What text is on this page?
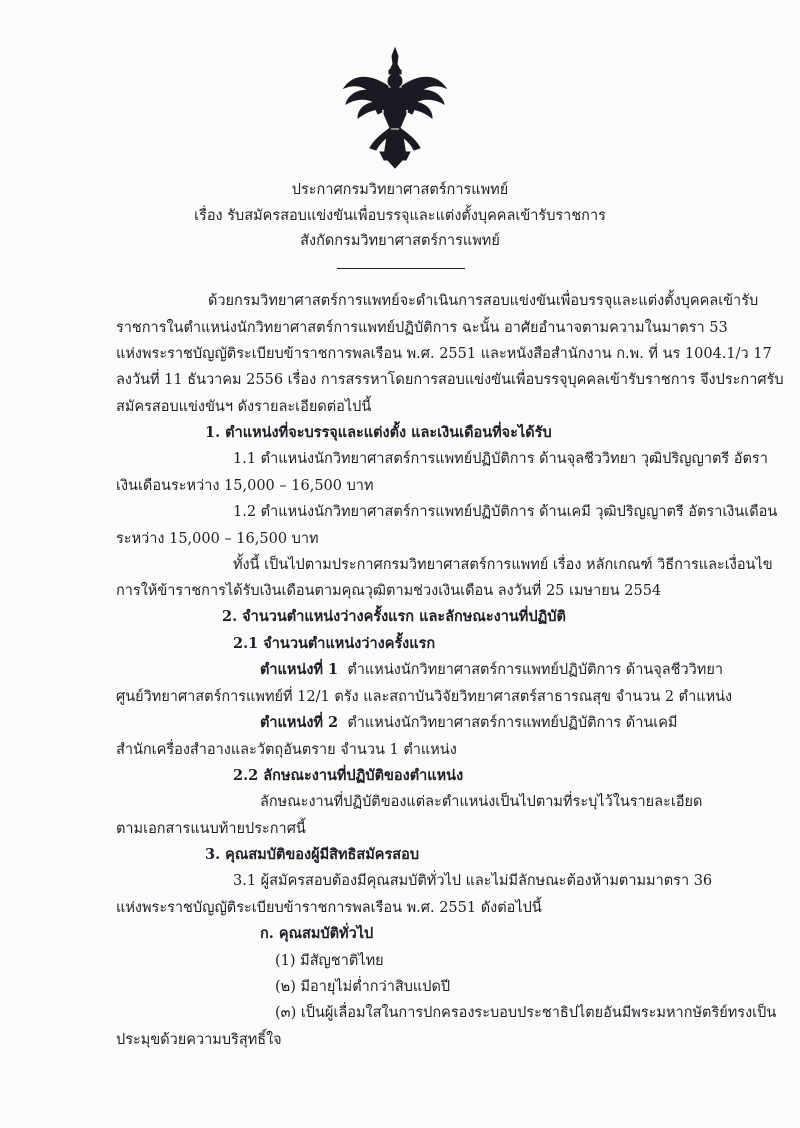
ประกาศกรมวิทยาศาสตร์การแพทย์
เรื่อง รับสมัครสอบแข่งขันเพื่อบรรจุและแต่งตั้งบุคคลเข้ารับราชการ
สังกัดกรมวิทยาศาสตร์การแพทย์
ด้วยกรมวิทยาศาสตร์การแพทย์จะดำเนินการสอบแข่งขันเพื่อบรรจุและแต่งตั้งบุคคลเข้ารับ
ราชการในตำแหน่งนักวิทยาศาสตร์การแพทย์ปฏิบัติการ ฉะนั้น อาศัยอำนาจตามความในมาตรา 53
แห่งพระราชบัญญัติระเบียบข้าราชการพลเรือน พ.ศ. 2551 และหนังสือสำนักงาน ก.พ. ที่ นร 1004.1/ว 17
ลงวันที่ 11 ธันวาคม 2556 เรื่อง การสรรหาโดยการสอบแข่งขันเพื่อบรรจุบุคคลเข้ารับราชการ จึงประกาศรับ
สมัครสอบแข่งขันฯ ดังรายละเอียดต่อไปนี้
1. ตำแหน่งที่จะบรรจุและแต่งตั้ง และเงินเดือนที่จะได้รับ
1.1 ตำแหน่งนักวิทยาศาสตร์การแพทย์ปฏิบัติการ ด้านจุลชีววิทยา วุฒิปริญญาตรี อัตรา
เงินเดือนระหว่าง 15,000 – 16,500 บาท
1.2 ตำแหน่งนักวิทยาศาสตร์การแพทย์ปฏิบัติการ ด้านเคมี วุฒิปริญญาตรี อัตราเงินเดือน
ระหว่าง 15,000 – 16,500 บาท
ทั้งนี้ เป็นไปตามประกาศกรมวิทยาศาสตร์การแพทย์ เรื่อง หลักเกณฑ์ วิธีการและเงื่อนไข
การให้ข้าราชการได้รับเงินเดือนตามคุณวุฒิตามช่วงเงินเดือน ลงวันที่ 25 เมษายน 2554
2. จำนวนตำแหน่งว่างครั้งแรก และลักษณะงานที่ปฏิบัติ
2.1 จำนวนตำแหน่งว่างครั้งแรก
ตำแหน่งที่ 1 ตำแหน่งนักวิทยาศาสตร์การแพทย์ปฏิบัติการ ด้านจุลชีววิทยา
ศูนย์วิทยาศาสตร์การแพทย์ที่ 12/1 ตรัง และสถาบันวิจัยวิทยาศาสตร์สาธารณสุข จำนวน 2 ตำแหน่ง
ตำแหน่งที่ 2 ตำแหน่งนักวิทยาศาสตร์การแพทย์ปฏิบัติการ ด้านเคมี
สำนักเครื่องสำอางและวัตถุอันตราย จำนวน 1 ตำแหน่ง
2.2 ลักษณะงานที่ปฏิบัติของตำแหน่ง
ลักษณะงานที่ปฏิบัติของแต่ละตำแหน่งเป็นไปตามที่ระบุไว้ในรายละเอียด
ตามเอกสารแนบท้ายประกาศนี้
3. คุณสมบัติของผู้มีสิทธิสมัครสอบ
3.1 ผู้สมัครสอบต้องมีคุณสมบัติทั่วไป และไม่มีลักษณะต้องห้ามตามมาตรา 36
แห่งพระราชบัญญัติระเบียบข้าราชการพลเรือน พ.ศ. 2551 ดังต่อไปนี้
ก. คุณสมบัติทั่วไป
(1) มีสัญชาติไทย
(๒) มีอายุไม่ต่ำกว่าสิบแปดปี
(๓) เป็นผู้เลื่อมใสในการปกครองระบอบประชาธิปไตยอันมีพระมหากษัตริย์ทรงเป็น
ประมุขด้วยความบริสุทธิ์ใจ
